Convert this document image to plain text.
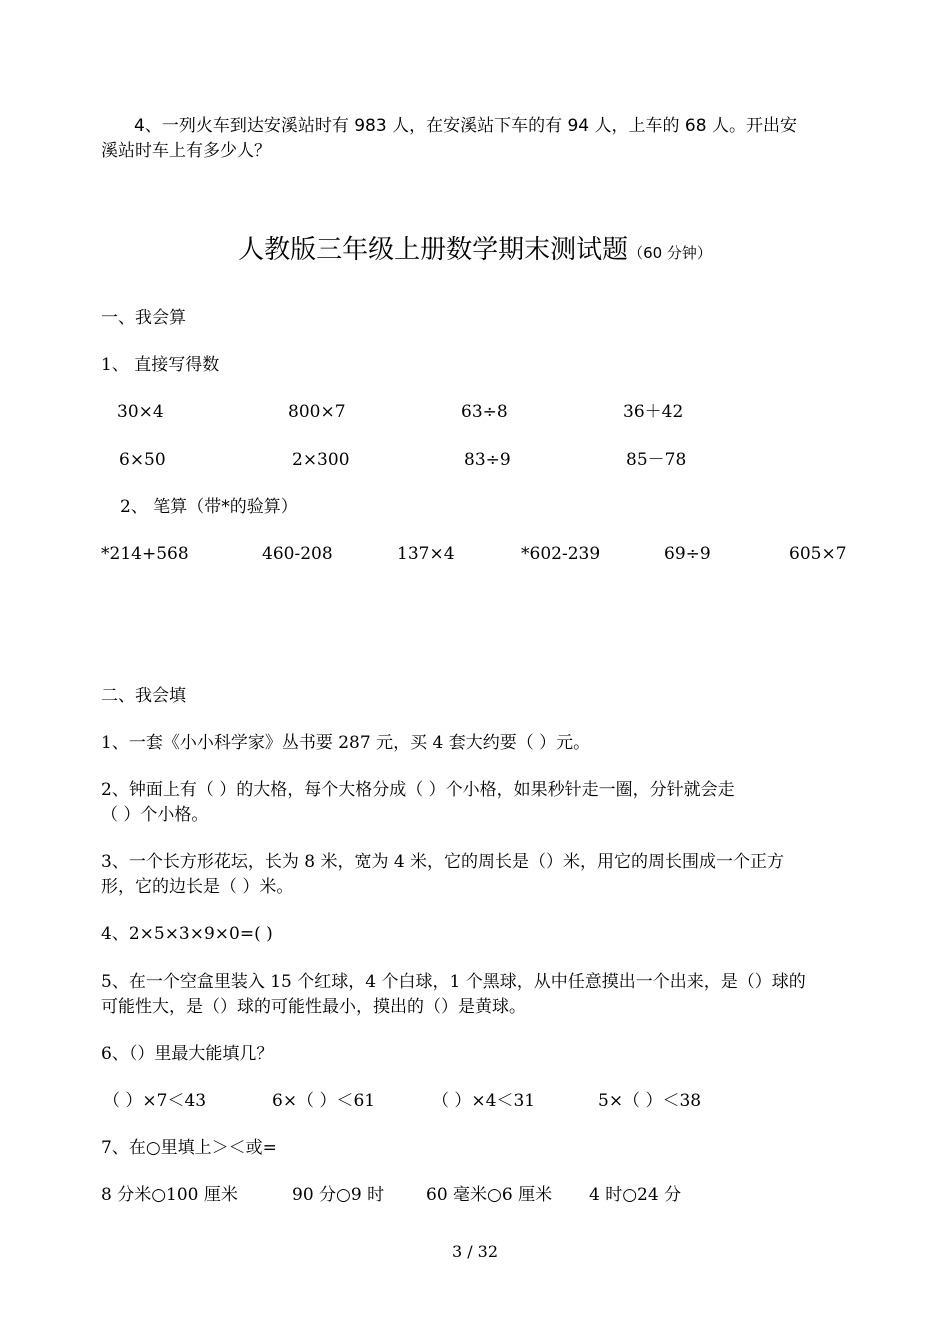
4、一列火车到达安溪站时有 983 人，在安溪站下车的有 94 人，上车的 68 人。开出安
溪站时车上有多少人？
人教版三年级上册数学期末测试题（60 分钟）
一、我会算
1、 直接写得数
30×4	800×7	63÷8	36＋42
6×50	2×300	83÷9	85－78
2、 笔算（带*的验算）
*214+568	460-208	137×4	*602-239	69÷9	605×7
二、我会填
1、一套《小小科学家》丛书要 287 元，买 4 套大约要（ ）元。
2、钟面上有（ ）的大格，每个大格分成（ ）个小格，如果秒针走一圈，分针就会走
（ ）个小格。
3、一个长方形花坛，长为 8 米，宽为 4 米，它的周长是（）米，用它的周长围成一个正方
形，它的边长是（ ）米。
4、2×5×3×9×0=( )
5、在一个空盒里装入 15 个红球，4 个白球，1 个黑球，从中任意摸出一个出来，是（）球的
可能性大，是（）球的可能性最小，摸出的（）是黄球。
6、（）里最大能填几？
（ ）×7＜43	6×（ ）＜61	（ ）×4＜31	5×（ ）＜38
7、在○里填上＞＜或=
8 分米○100 厘米	90 分○9 时 60 毫米○6 厘米 4 时○24 分
3 / 32
